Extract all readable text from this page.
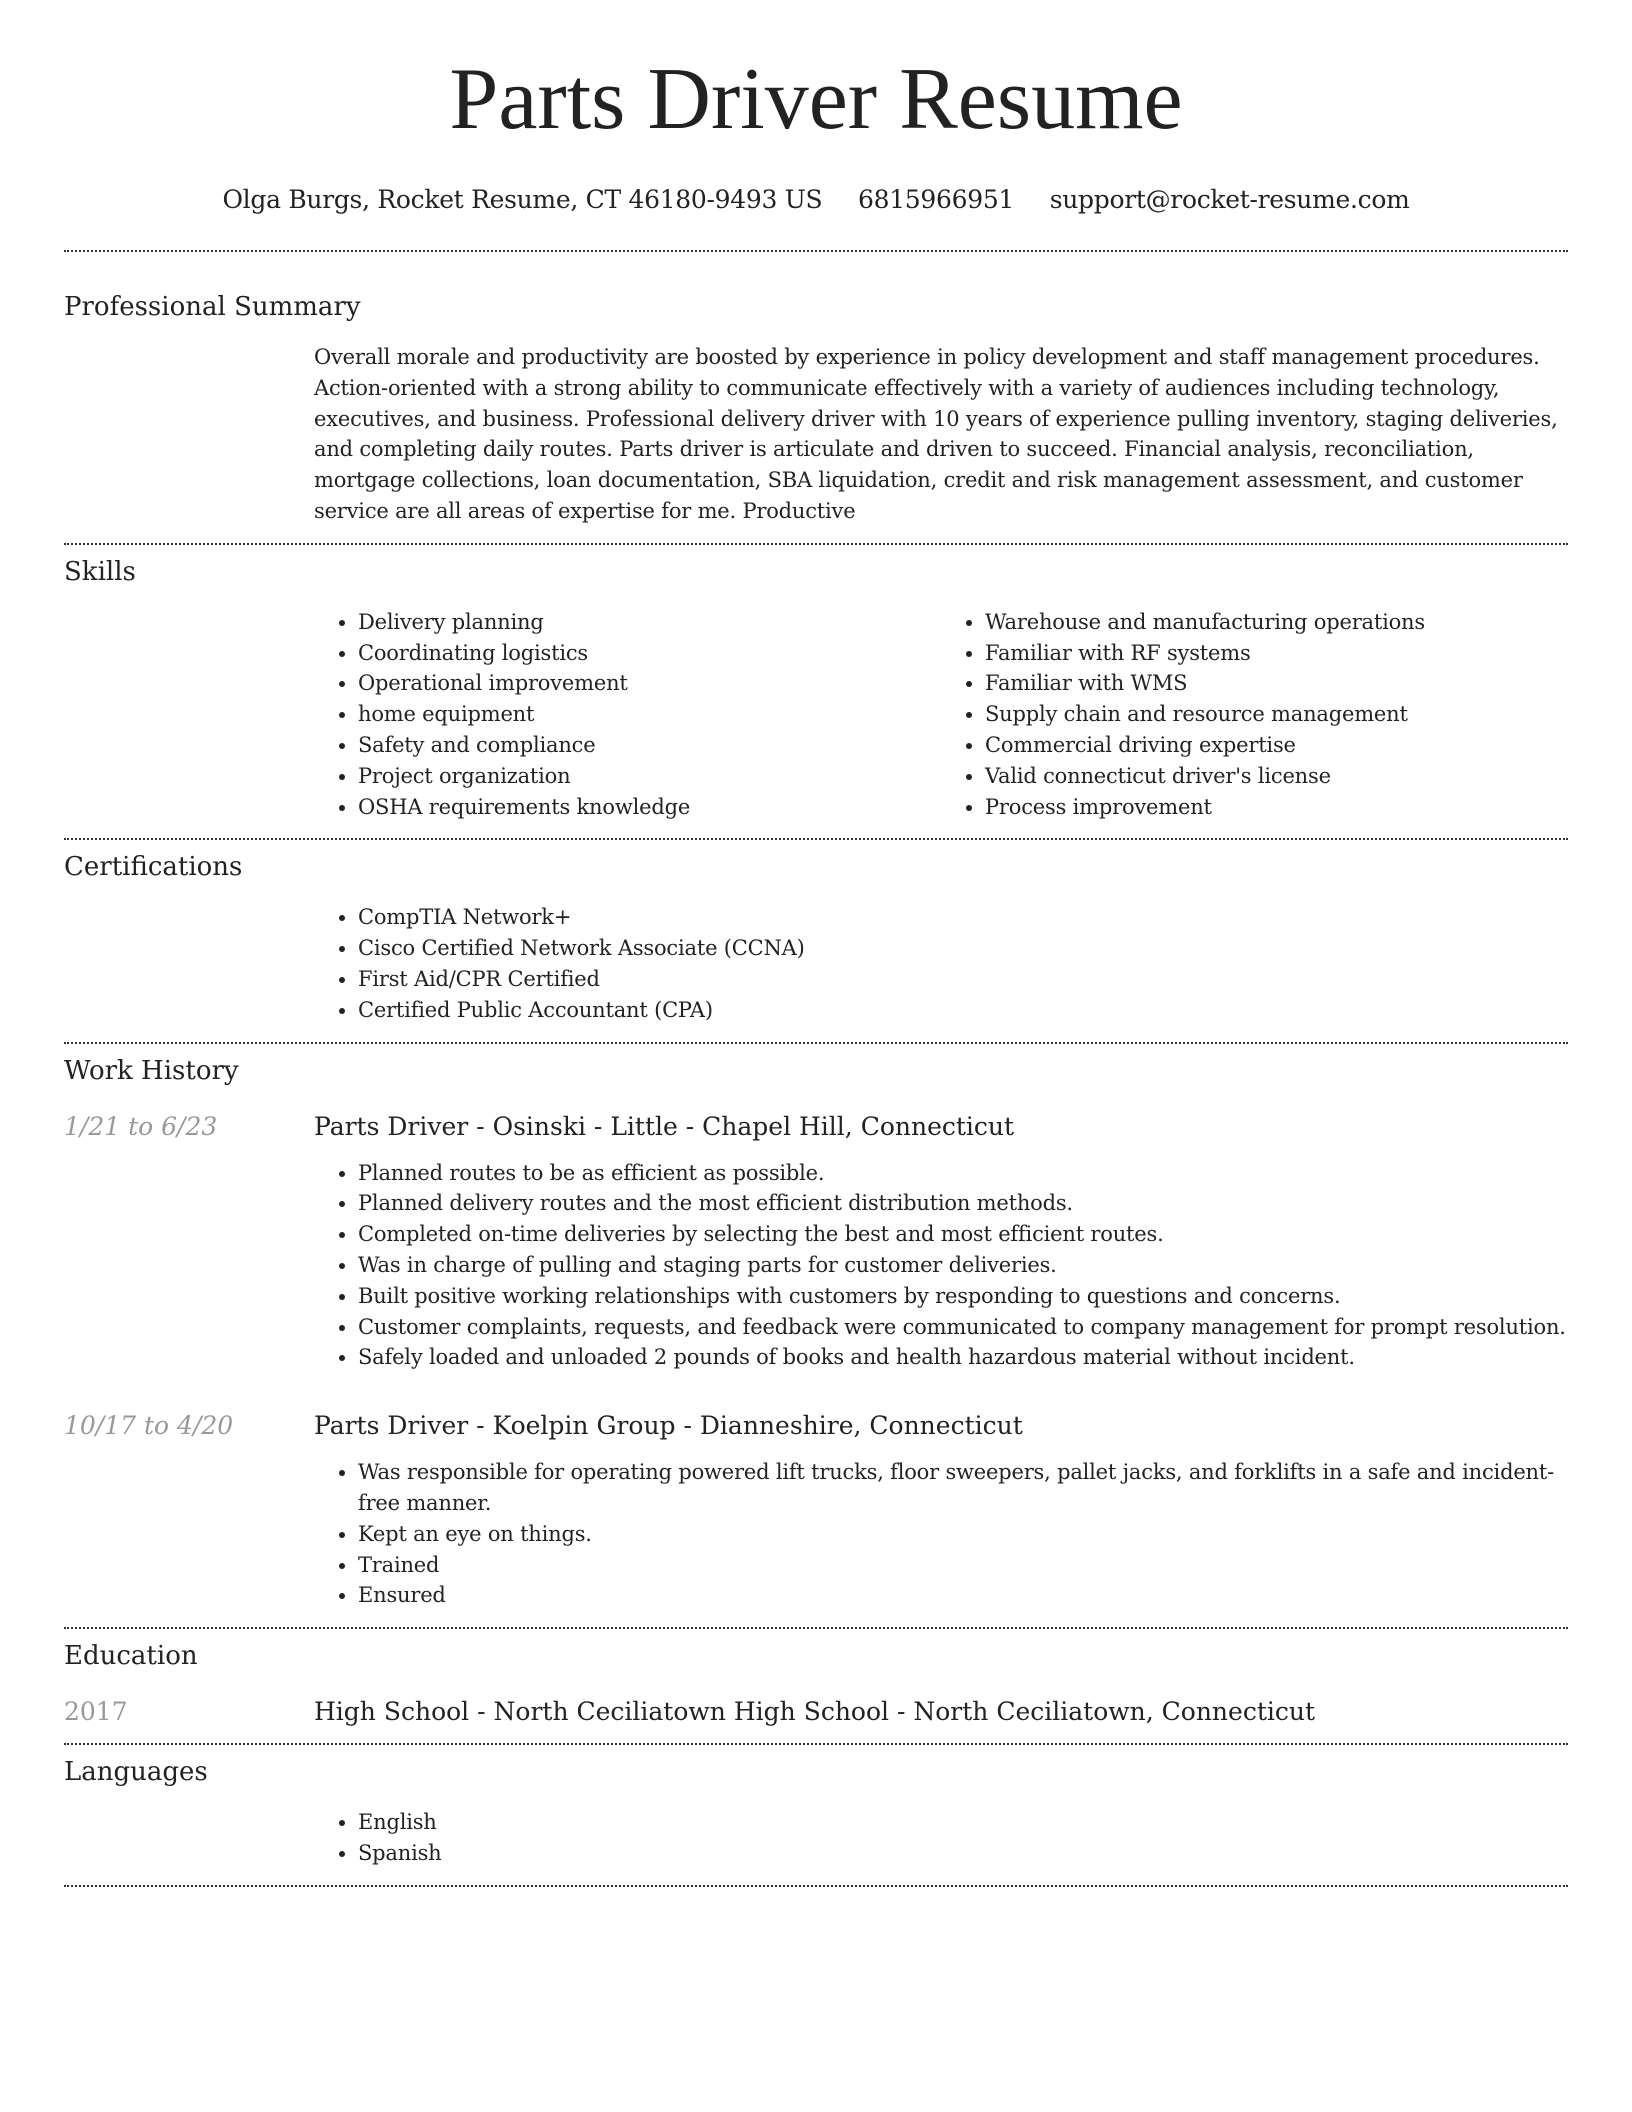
Parts Driver Resume
Olga Burgs, Rocket Resume, CT 46180-9493 US 6815966951 support@rocket-resume.com
Professional Summary
Overall morale and productivity are boosted by experience in policy development and staff management procedures. Action-oriented with a strong ability to communicate effectively with a variety of audiences including technology, executives, and business. Professional delivery driver with 10 years of experience pulling inventory, staging deliveries, and completing daily routes. Parts driver is articulate and driven to succeed. Financial analysis, reconciliation, mortgage collections, loan documentation, SBA liquidation, credit and risk management assessment, and customer service are all areas of expertise for me. Productive
Skills
• Delivery planning
• Coordinating logistics
• Operational improvement
• home equipment
• Safety and compliance
• Project organization
• OSHA requirements knowledge
• Warehouse and manufacturing operations
• Familiar with RF systems
• Familiar with WMS
• Supply chain and resource management
• Commercial driving expertise
• Valid connecticut driver's license
• Process improvement
Certifications
• CompTIA Network+
• Cisco Certified Network Associate (CCNA)
• First Aid/CPR Certified
• Certified Public Accountant (CPA)
Work History
1/21 to 6/23	Parts Driver - Osinski - Little - Chapel Hill, Connecticut
• Planned routes to be as efficient as possible.
• Planned delivery routes and the most efficient distribution methods.
• Completed on-time deliveries by selecting the best and most efficient routes.
• Was in charge of pulling and staging parts for customer deliveries.
• Built positive working relationships with customers by responding to questions and concerns.
• Customer complaints, requests, and feedback were communicated to company management for prompt resolution.
• Safely loaded and unloaded 2 pounds of books and health hazardous material without incident.
10/17 to 4/20	Parts Driver - Koelpin Group - Dianneshire, Connecticut
• Was responsible for operating powered lift trucks, floor sweepers, pallet jacks, and forklifts in a safe and incident-free manner.
• Kept an eye on things.
• Trained
• Ensured
Education
2017	High School - North Ceciliatown High School - North Ceciliatown, Connecticut
Languages
• English
• Spanish
